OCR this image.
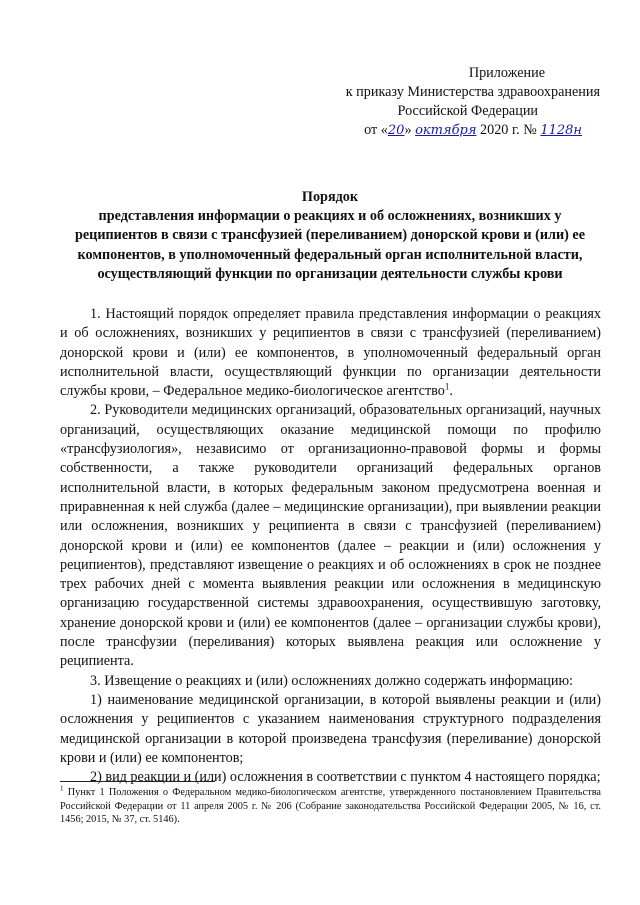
Приложение
к приказу Министерства здравоохранения
Российской Федерации
от «20» октября 2020 г. № 1128н
Порядок
представления информации о реакциях и об осложнениях, возникших у реципиентов в связи с трансфузией (переливанием) донорской крови и (или) ее компонентов, в уполномоченный федеральный орган исполнительной власти, осуществляющий функции по организации деятельности службы крови

1. Настоящий порядок определяет правила представления информации о реакциях и об осложнениях, возникших у реципиентов в связи с трансфузией (переливанием) донорской крови и (или) ее компонентов, в уполномоченный федеральный орган исполнительной власти, осуществляющий функции по организации деятельности службы крови, – Федеральное медико-биологическое агентство$^1$.

2. Руководители медицинских организаций, образовательных организаций, научных организаций, осуществляющих оказание медицинской помощи по профилю «трансфузиология», независимо от организационно-правовой формы и формы собственности, а также руководители организаций федеральных органов исполнительной власти, в которых федеральным законом предусмотрена военная и приравненная к ней служба (далее – медицинские организации), при выявлении реакции или осложнения, возникших у реципиента в связи с трансфузией (переливанием) донорской крови и (или) ее компонентов (далее – реакции и (или) осложнения у реципиентов), представляют извещение о реакциях и об осложнениях в срок не позднее трех рабочих дней с момента выявления реакции или осложнения в медицинскую организацию государственной системы здравоохранения, осуществившую заготовку, хранение донорской крови и (или) ее компонентов (далее – организации службы крови), после трансфузии (переливания) которых выявлена реакция или осложнение у реципиента.

3. Извещение о реакциях и (или) осложнениях должно содержать информацию:

1) наименование медицинской организации, в которой выявлены реакции и (или) осложнения у реципиентов с указанием наименования структурного подразделения медицинской организации в которой произведена трансфузия (переливание) донорской крови и (или) ее компонентов;

2) вид реакции и (или) осложнения в соответствии с пунктом 4 настоящего порядка;

$^1$ Пункт 1 Положения о Федеральном медико-биологическом агентстве, утвержденного постановлением Правительства Российской Федерации от 11 апреля 2005 г. № 206 (Собрание законодательства Российской Федерации 2005, № 16, ст. 1456; 2015, № 37, ст. 5146).
